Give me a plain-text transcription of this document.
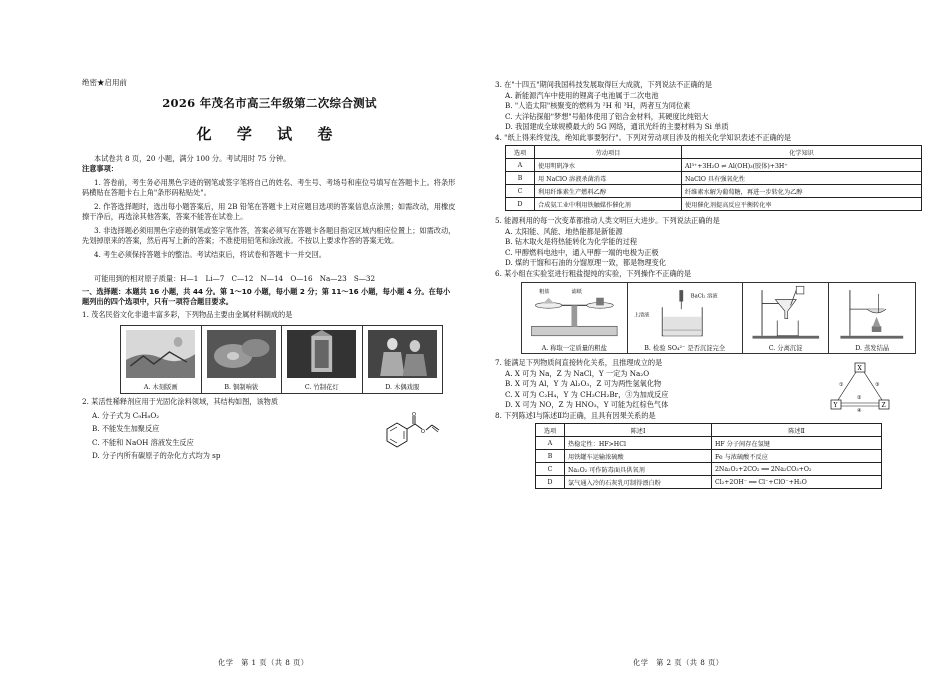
绝密★启用前
2026 年茂名市高三年级第二次综合测试
化 学 试 卷
本试卷共 8 页，20 小题，满分 100 分。考试用时 75 分钟。
注意事项：
1. 答卷前，考生务必用黑色字迹的钢笔或签字笔将自己的姓名、考生号、考场号和座位号填写在答题卡上。将条形码横贴在答题卡右上角"条形码粘贴处"。
2. 作答选择题时，选出每小题答案后，用 2B 铅笔在答题卡上对应题目选项的答案信息点涂黑；如需改动，用橡皮擦干净后，再选涂其他答案，答案不能答在试卷上。
3. 非选择题必须用黑色字迹的钢笔或签字笔作答，答案必须写在答题卡各题目指定区域内相应位置上；如需改动，先划掉原来的答案，然后再写上新的答案；不准使用铅笔和涂改液。不按以上要求作答的答案无效。
4. 考生必须保持答题卡的整洁。考试结束后，将试卷和答题卡一并交回。
可能用到的相对原子质量：H—1　Li—7　C—12　N—14　O—16　Na—23　S—32
一、选择题：本题共 16 小题，共 44 分。第 1～10 小题，每小题 2 分；第 11～16 小题，每小题 4 分。在每小题列出的四个选项中，只有一项符合题目要求。
1. 茂名民俗文化非遗丰富多彩，下列物品主要由金属材料制成的是
A. 木刻版画	B. 铜制响钹	C. 竹制花灯	D. 木偶戏服
2. 某活性稀释剂应用于光固化涂料领域，其结构如图，该物质
A. 分子式为 C₉H₈O₂
B. 不能发生加聚反应
C. 不能和 NaOH 溶液发生反应
D. 分子内所有碳原子的杂化方式均为 sp
O
O
化学　第 1 页（共 8 页）
3. 在"十四五"期间我国科技发展取得巨大成就，下列说法不正确的是
A. 新能源汽车中使用的锂离子电池属于二次电池
B. "人造太阳"核聚变的燃料为 ²H 和 ³H，两者互为同位素
C. 大洋钻探船"梦想"号船体使用了铝合金材料，其硬度比纯铝大
D. 我国建成全球规模最大的 5G 网络，通讯光纤的主要材料为 Si 单质
4. "纸上得来终觉浅，绝知此事要躬行"。下列对劳动项目涉及的相关化学知识表述不正确的是
选项	劳动项目	化学知识
A	使用明矾净水	Al³⁺+3H₂O ⇌ Al(OH)₃(胶体)+3H⁺
B	用 NaClO 溶液杀菌消毒	NaClO 具有强氧化性
C	利用纤维素生产燃料乙醇	纤维素水解为葡萄糖，再进一步转化为乙醇
D	合成氨工业中利用铁触媒作催化剂	使用催化剂提高反应平衡转化率
5. 能源利用的每一次变革都推动人类文明巨大进步。下列说法正确的是
A. 太阳能、风能、地热能都是新能源
B. 钻木取火是将热能转化为化学能的过程
C. 甲醇燃料电池中，通入甲醇一端的电极为正极
D. 煤的干馏和石油的分馏原理一致，都是物理变化
6. 某小组在实验室进行粗盐提纯的实验，下列操作不正确的是
粗盐	滤纸
A. 称取一定质量的粗盐
BaCl₂ 溶液
上清液
B. 检验 SO₄²⁻ 是否沉淀完全	C. 分离沉淀	D. 蒸发结晶
7. 能满足下列物质间直接转化关系，且推理成立的是
A. X 可为 Na，Z 为 NaCl，Y 一定为 Na₂O
B. X 可为 Al，Y 为 Al₂O₃，Z 可为两性氢氧化物
C. X 可为 C₂H₄，Y 为 CH₃CH₂Br，③为加成反应
D. X 可为 NO，Z 为 HNO₃，Y 可能为红棕色气体
X
Y	Z
①
②
③
④
8. 下列陈述Ⅰ与陈述Ⅱ均正确，且具有因果关系的是
选项	陈述Ⅰ	陈述Ⅱ
A	热稳定性：HF>HCl	HF 分子间存在氢键
B	用铁罐车运输浓硫酸	Fe 与浓硫酸不反应
C	Na₂O₂ 可作防毒面具供氧剂	2Na₂O₂+2CO₂ ══ 2Na₂CO₃+O₂
D	氯气通入冷的石灰乳可制得漂白粉	Cl₂+2OH⁻ ══ Cl⁻+ClO⁻+H₂O
化学　第 2 页（共 8 页）
